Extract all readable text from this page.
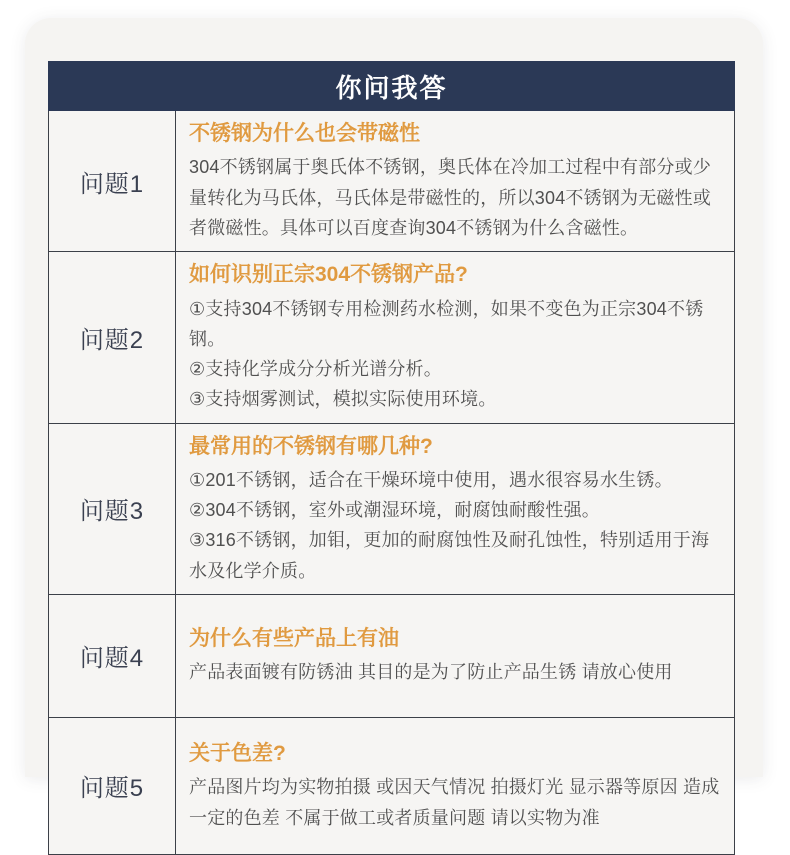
你问我答
问题1
不锈钢为什么也会带磁性

304不锈钢属于奥氏体不锈钢，奥氏体在冷加工过程中有部分或少量转化为马氏体，马氏体是带磁性的，所以304不锈钢为无磁性或者微磁性。具体可以百度查询304不锈钢为什么含磁性。

问题2
如何识别正宗304不锈钢产品?

①支持304不锈钢专用检测药水检测，如果不变色为正宗304不锈钢。

②支持化学成分分析光谱分析。

③支持烟雾测试，模拟实际使用环境。

问题3
最常用的不锈钢有哪几种?

①201不锈钢，适合在干燥环境中使用，遇水很容易水生锈。

②304不锈钢，室外或潮湿环境，耐腐蚀耐酸性强。

③316不锈钢，加钼，更加的耐腐蚀性及耐孔蚀性，特别适用于海水及化学介质。

问题4
为什么有些产品上有油

产品表面镀有防锈油 其目的是为了防止产品生锈 请放心使用

问题5
关于色差?

产品图片均为实物拍摄 或因天气情况 拍摄灯光 显示器等原因 造成一定的色差 不属于做工或者质量问题 请以实物为准
